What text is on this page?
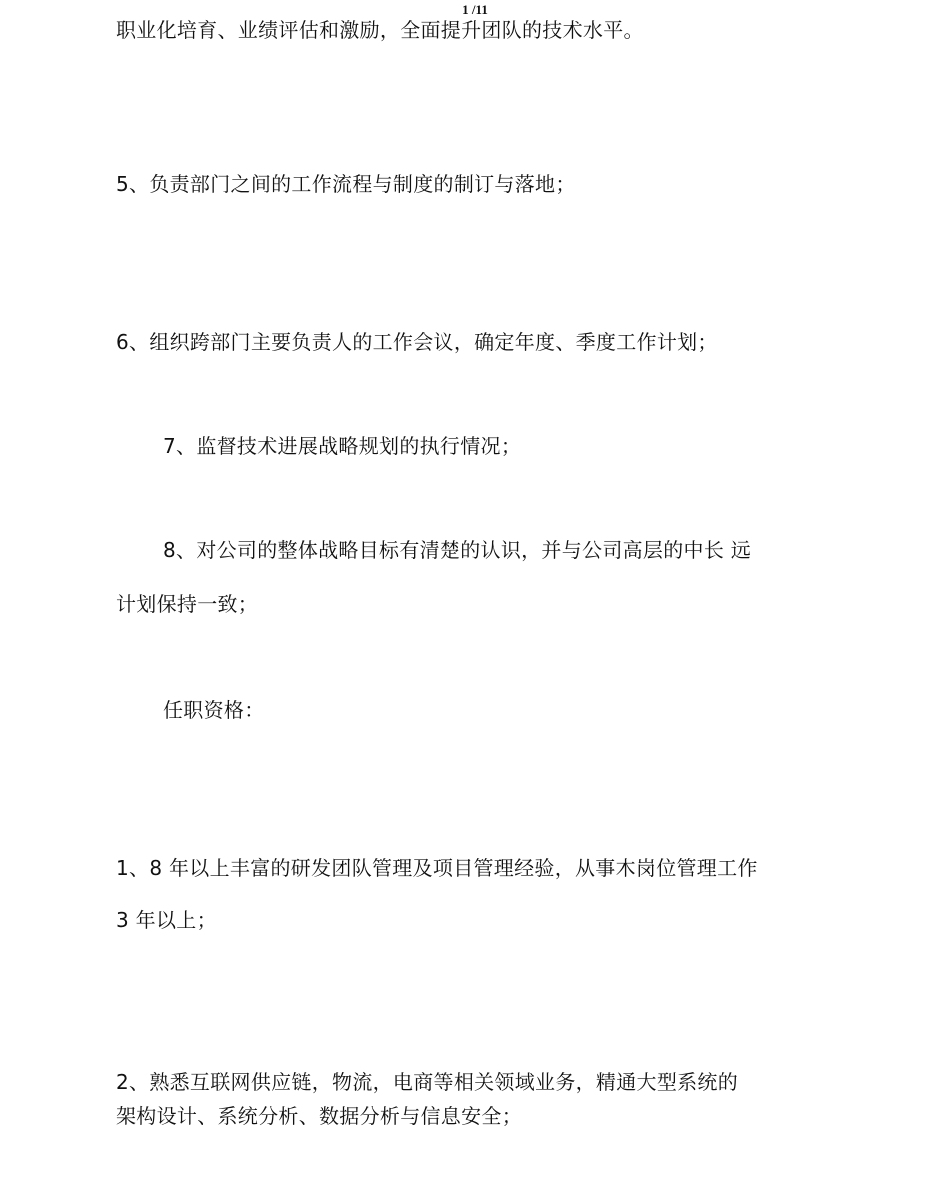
1 /11
职业化培育、业绩评估和激励，全面提升团队的技术水平。
5、负责部门之间的工作流程与制度的制订与落地；
6、组织跨部门主要负责人的工作会议，确定年度、季度工作计划；
7、监督技术进展战略规划的执行情况；
8、对公司的整体战略目标有清楚的认识，并与公司高层的中长 远
计划保持一致；
任职资格：
1、8 年以上丰富的研发团队管理及项目管理经验，从事木岗位管理工作
3 年以上；
2、熟悉互联网供应链，物流，电商等相关领域业务，精通大型系统的
架构设计、系统分析、数据分析与信息安全；
